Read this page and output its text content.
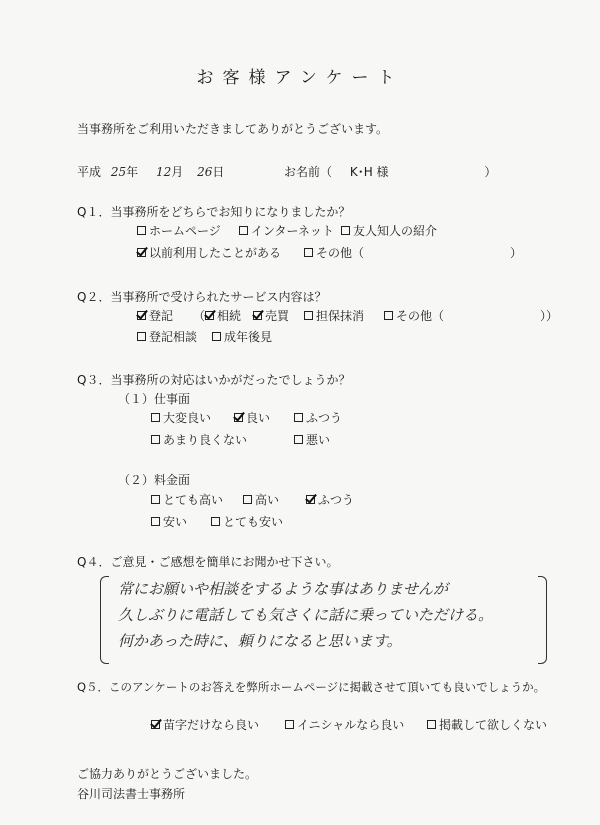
お客様アンケート
当事務所をご利用いただきましてありがとうございます。
平成 25年 12月 26日	お名前（ K･H 様	）
Q１．当事務所をどちらでお知りになりましたか？
ホームページ	インターネット 友人知人の紹介
以前利用したことがある	その他（	）
Q２．当事務所で受けられたサービス内容は？
登記 （ 相続 売買 担保抹消	その他（	））
登記相談 成年後見
Q３．当事務所の対応はいかがだったでしょうか？
（１）仕事面
大変良い	良い	ふつう
あまり良くない	悪い
（２）料金面
とても高い	高い	ふつう
安い	とても安い
Q４．ご意見・ご感想を簡単にお聞かせ下さい。
常にお願いや相談をするような事はありませんが
久しぶりに電話しても気さくに話に乗っていただける。
何かあった時に、頼りになると思います。
Q５．このアンケートのお答えを弊所ホームページに掲載させて頂いても良いでしょうか。
苗字だけなら良い	イニシャルなら良い	掲載して欲しくない
ご協力ありがとうございました。
谷川司法書士事務所
